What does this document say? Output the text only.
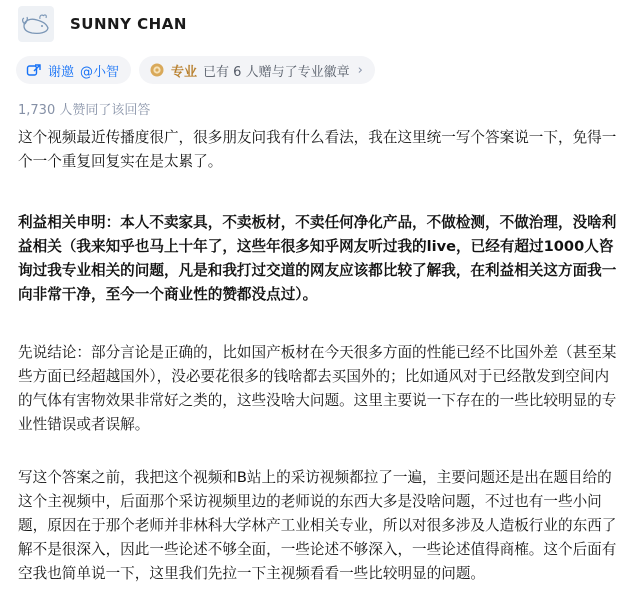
SUNNY CHAN
谢邀 @小智	专业 已有 6 人赠与了专业徽章 ›
1,730 人赞同了该回答

这个视频最近传播度很广，很多朋友问我有什么看法，我在这里统一写个答案说一下，免得一个一个重复回复实在是太累了。

利益相关申明：本人不卖家具，不卖板材，不卖任何净化产品，不做检测，不做治理，没啥利益相关（我来知乎也马上十年了，这些年很多知乎网友听过我的live，已经有超过1000人咨询过我专业相关的问题，凡是和我打过交道的网友应该都比较了解我，在利益相关这方面我一向非常干净，至今一个商业性的赞都没点过）。

先说结论：部分言论是正确的，比如国产板材在今天很多方面的性能已经不比国外差（甚至某些方面已经超越国外），没必要花很多的钱啥都去买国外的；比如通风对于已经散发到空间内的气体有害物效果非常好之类的，这些没啥大问题。这里主要说一下存在的一些比较明显的专业性错误或者误解。

写这个答案之前，我把这个视频和B站上的采访视频都拉了一遍，主要问题还是出在题目给的这个主视频中，后面那个采访视频里边的老师说的东西大多是没啥问题，不过也有一些小问题，原因在于那个老师并非林科大学林产工业相关专业，所以对很多涉及人造板行业的东西了解不是很深入，因此一些论述不够全面，一些论述不够深入，一些论述值得商榷。这个后面有空我也简单说一下，这里我们先拉一下主视频看看一些比较明显的问题。
